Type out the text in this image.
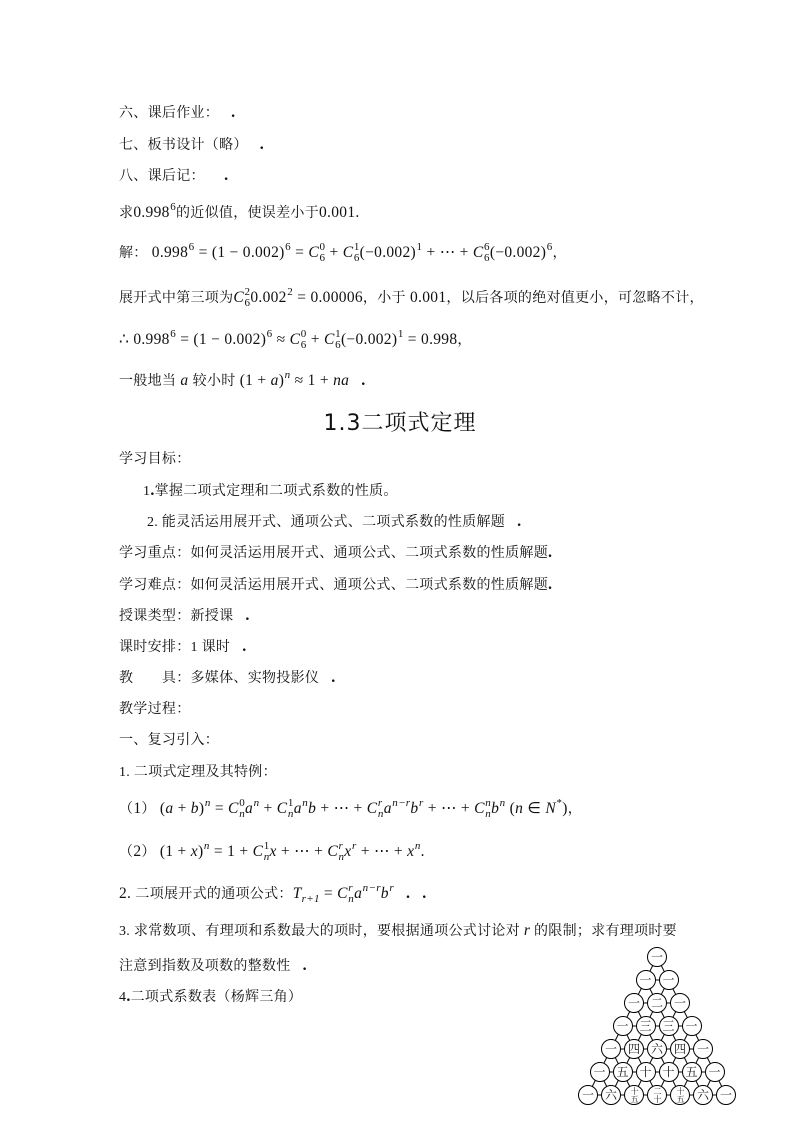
六、课后作业： .
七、板书设计（略） .
八、课后记：　.
求0.998$^6$的近似值，使误差小于0.001.
解： $0.998^6 = (1 - 0.002)^6 = C$ 0
6 + C 1
6 $(-0.002)^1$ + ⋯ + C 6
6 $(-0.002)^6$，
展开式中第三项为C 2
6 $0.002^2 = 0.00006$，小于 0.001，以后各项的绝对值更小，可忽略不计，
∴ $0.998^6 = (1 - 0.002)^6 \approx C$ 0
6 + C 1
6 $(-0.002)^1 = 0.998$，
一般地当 a 较小时 $(1 + a)^n \approx 1$ + na .
1.3二项式定理
学习目标：
1.掌握二项式定理和二项式系数的性质。
2. 能灵活运用展开式、通项公式、二项式系数的性质解题 .
学习重点：如何灵活运用展开式、通项公式、二项式系数的性质解题.
学习难点：如何灵活运用展开式、通项公式、二项式系数的性质解题.
授课类型：新授课 .
课时安排：1 课时 .
教　　具：多媒体、实物投影仪 .
教学过程：
一、复习引入：
1. 二项式定理及其特例：
（1） $(a + b)^n = C$ 0
n $a^n + C$ 1
n $a^nb$ + ⋯ + C r
n $a^{n-r}b^r$ + ⋯ + C n
n $b^n$ (n ∈ N*)，
（2） $(1 + x)^n = 1 + C$ 1
n x + ⋯ + C r
n $x^r$ + ⋯ + $x^n$.
2. 二项展开式的通项公式：$T_{r+1} = C$ r
n $a^{n-r}b^r$ . .
3. 求常数项、有理项和系数最大的项时，要根据通项公式讨论对 r 的限制；求有理项时要
注意到指数及项数的整数性 .
4.二项式系数表（杨辉三角）
一
一 一
一 二 一
一 三 三 一
一 四 六 四 一
一 五 十 十 五 一
一 六 十五 二十 十五 六 一
